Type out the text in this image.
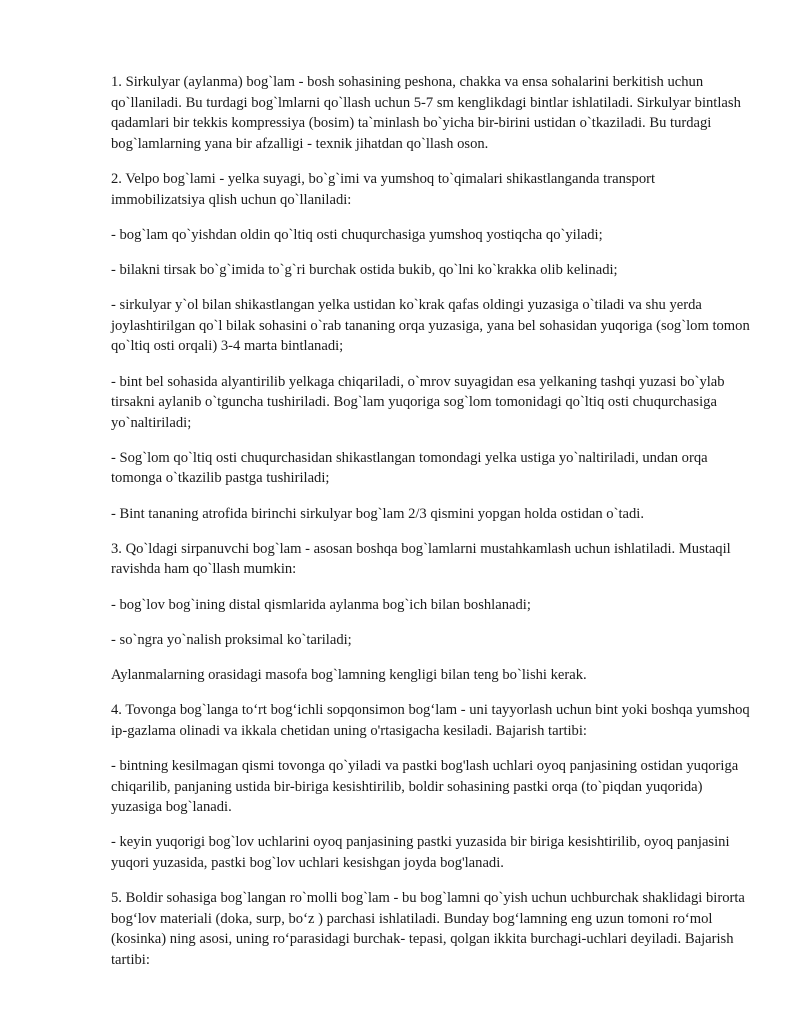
1. Sirkulyar (aylanma) bog`lam - bosh sohasining peshona, chakka va ensa sohalarini berkitish uchun qo`llaniladi. Bu turdagi bog`lmlarni qo`llash uchun 5-7 sm kenglikdagi bintlar ishlatiladi. Sirkulyar bintlash qadamlari bir tekkis kompressiya (bosim) ta`minlash bo`yicha bir-birini ustidan o`tkaziladi. Bu turdagi bog`lamlarning yana bir afzalligi - texnik jihatdan qo`llash oson.

2. Velpo bog`lami - yelka suyagi, bo`g`imi va yumshoq to`qimalari shikastlanganda transport immobilizatsiya qlish uchun qo`llaniladi:

- bog`lam qo`yishdan oldin qo`ltiq osti chuqurchasiga yumshoq yostiqcha qo`yiladi;

- bilakni tirsak bo`g`imida to`g`ri burchak ostida bukib, qo`lni ko`krakka olib kelinadi;

- sirkulyar y`ol bilan shikastlangan yelka ustidan ko`krak qafas oldingi yuzasiga o`tiladi va shu yerda joylashtirilgan qo`l bilak sohasini o`rab tananing orqa yuzasiga, yana bel sohasidan yuqoriga (sog`lom tomon qo`ltiq osti orqali) 3-4 marta bintlanadi;

- bint bel sohasida alyantirilib yelkaga chiqariladi, o`mrov suyagidan esa yelkaning tashqi yuzasi bo`ylab tirsakni aylanib o`tguncha tushiriladi. Bog`lam yuqoriga sog`lom tomonidagi qo`ltiq osti chuqurchasiga yo`naltiriladi;

- Sog`lom qo`ltiq osti chuqurchasidan shikastlangan tomondagi yelka ustiga yo`naltiriladi, undan orqa tomonga o`tkazilib pastga tushiriladi;

- Bint tananing atrofida birinchi sirkulyar bog`lam 2/3 qismini yopgan holda ostidan o`tadi.

3. Qo`ldagi sirpanuvchi bog`lam - asosan boshqa bog`lamlarni mustahkamlash uchun ishlatiladi. Mustaqil ravishda ham qo`llash mumkin:

- bog`lov bog`ining distal qismlarida aylanma bog`ich bilan boshlanadi;

- so`ngra yo`nalish proksimal ko`tariladi;

Aylanmalarning orasidagi masofa bog`lamning kengligi bilan teng bo`lishi kerak.

4. Tovonga bog`langa to‘rt bog‘ichli sopqonsimon bog‘lam - uni tayyorlash uchun bint yoki boshqa yumshoq ip-gazlama olinadi va ikkala chetidan uning o'rtasigacha kesiladi. Bajarish tartibi:

- bintning kesilmagan qismi tovonga qo`yiladi va pastki bog'lash uchlari oyoq panjasining ostidan yuqoriga chiqarilib, panjaning ustida bir-biriga kesishtirilib, boldir sohasining pastki orqa (to`piqdan yuqorida) yuzasiga bog`lanadi.

- keyin yuqorigi bog`lov uchlarini oyoq panjasining pastki yuzasida bir biriga kesishtirilib, oyoq panjasini yuqori yuzasida, pastki bog`lov uchlari kesishgan joyda bog'lanadi.

5. Boldir sohasiga bog`langan ro`molli bog`lam - bu bog`lamni qo`yish uchun uchburchak shaklidagi birorta bog‘lov materiali (doka, surp, bo‘z ) parchasi ishlatiladi. Bunday bog‘lamning eng uzun tomoni ro‘mol (kosinka) ning asosi, uning ro‘parasidagi burchak- tepasi, qolgan ikkita burchagi-uchlari deyiladi. Bajarish tartibi:
